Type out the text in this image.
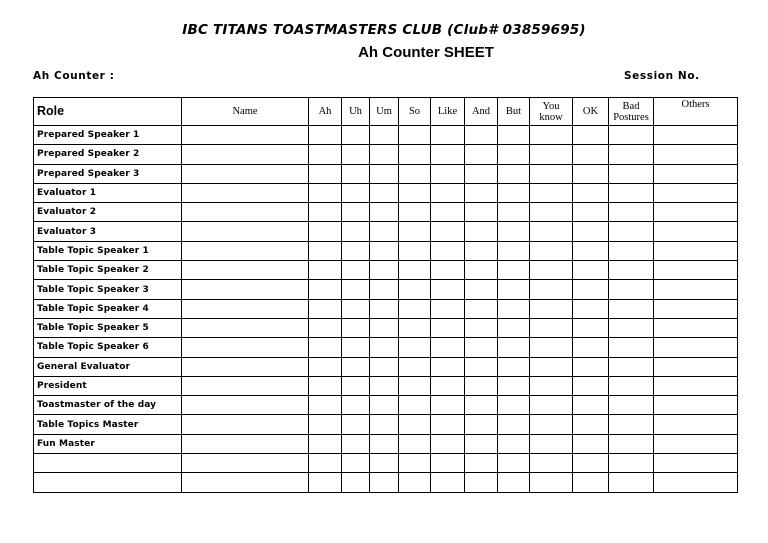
IBC TITANS TOASTMASTERS CLUB (Club# 03859695)
Ah Counter SHEET
Ah Counter :	Session No.
Role	Name	Ah	Uh	Um	So	Like	And	But	You know	OK	Bad Postures	Others
Prepared Speaker 1												
Prepared Speaker 2												
Prepared Speaker 3												
Evaluator 1												
Evaluator 2												
Evaluator 3												
Table Topic Speaker 1												
Table Topic Speaker 2												
Table Topic Speaker 3												
Table Topic Speaker 4												
Table Topic Speaker 5												
Table Topic Speaker 6												
General Evaluator												
President												
Toastmaster of the day												
Table Topics Master												
Fun Master												
